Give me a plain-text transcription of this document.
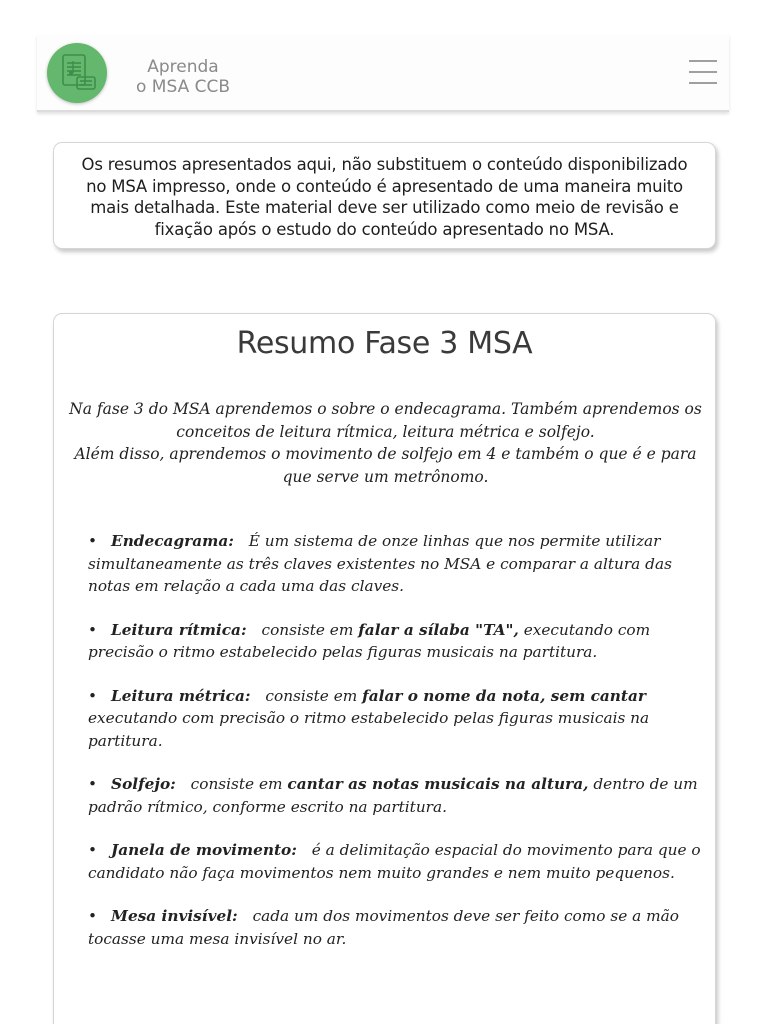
Aprenda
o MSA CCB

Os resumos apresentados aqui, não substituem o conteúdo disponibilizado no MSA impresso, onde o conteúdo é apresentado de uma maneira muito mais detalhada. Este material deve ser utilizado como meio de revisão e fixação após o estudo do conteúdo apresentado no MSA.

Resumo Fase 3 MSA

Na fase 3 do MSA aprendemos o sobre o endecagrama. Também aprendemos os conceitos de leitura rítmica, leitura métrica e solfejo.

Além disso, aprendemos o movimento de solfejo em 4 e também o que é e para que serve um metrônomo.

• Endecagrama: É um sistema de onze linhas que nos permite utilizar simultaneamente as três claves existentes no MSA e comparar a altura das notas em relação a cada uma das claves.
• Leitura rítmica: consiste em falar a sílaba "TA", executando com precisão o ritmo estabelecido pelas figuras musicais na partitura.
• Leitura métrica: consiste em falar o nome da nota, sem cantar executando com precisão o ritmo estabelecido pelas figuras musicais na partitura.
• Solfejo: consiste em cantar as notas musicais na altura, dentro de um padrão rítmico, conforme escrito na partitura.
• Janela de movimento: é a delimitação espacial do movimento para que o candidato não faça movimentos nem muito grandes e nem muito pequenos.
• Mesa invisível: cada um dos movimentos deve ser feito como se a mão tocasse uma mesa invisível no ar.
